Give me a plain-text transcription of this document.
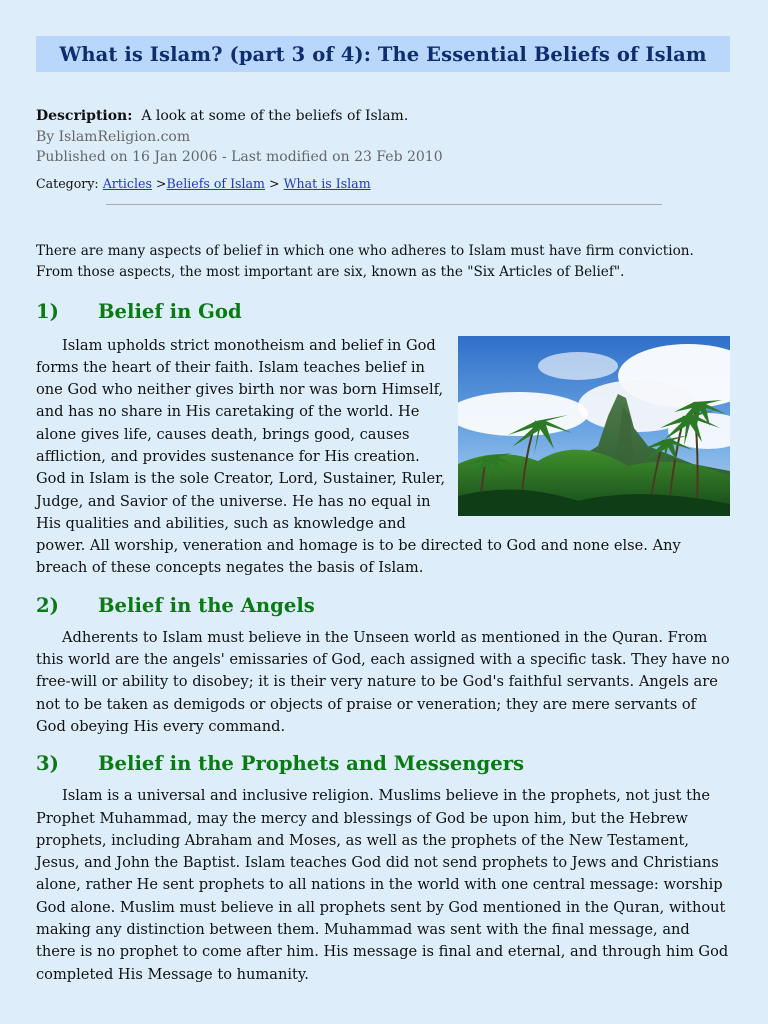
What is Islam? (part 3 of 4): The Essential Beliefs of Islam
Description: A look at some of the beliefs of Islam.
By IslamReligion.com
Published on 16 Jan 2006 - Last modified on 23 Feb 2010
Category: Articles >Beliefs of Islam > What is Islam

There are many aspects of belief in which one who adheres to Islam must have firm conviction. From those aspects, the most important are six, known as the "Six Articles of Belief".

1)	Belief in God

Islam upholds strict monotheism and belief in God forms the heart of their faith. Islam teaches belief in one God who neither gives birth nor was born Himself, and has no share in His caretaking of the world. He alone gives life, causes death, brings good, causes affliction, and provides sustenance for His creation. God in Islam is the sole Creator, Lord, Sustainer, Ruler, Judge, and Savior of the universe. He has no equal in His qualities and abilities, such as knowledge and power. All worship, veneration and homage is to be directed to God and none else. Any breach of these concepts negates the basis of Islam.

2)	Belief in the Angels

Adherents to Islam must believe in the Unseen world as mentioned in the Quran. From this world are the angels' emissaries of God, each assigned with a specific task. They have no free-will or ability to disobey; it is their very nature to be God's faithful servants. Angels are not to be taken as demigods or objects of praise or veneration; they are mere servants of God obeying His every command.

3)	Belief in the Prophets and Messengers

Islam is a universal and inclusive religion. Muslims believe in the prophets, not just the Prophet Muhammad, may the mercy and blessings of God be upon him, but the Hebrew prophets, including Abraham and Moses, as well as the prophets of the New Testament, Jesus, and John the Baptist. Islam teaches God did not send prophets to Jews and Christians alone, rather He sent prophets to all nations in the world with one central message: worship God alone. Muslim must believe in all prophets sent by God mentioned in the Quran, without making any distinction between them. Muhammad was sent with the final message, and there is no prophet to come after him. His message is final and eternal, and through him God completed His Message to humanity.
